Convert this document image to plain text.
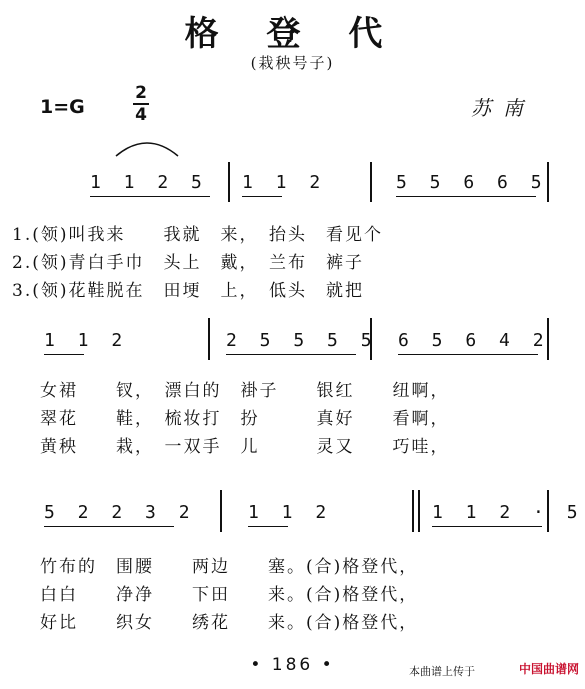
格 登 代
(栽秧号子)
1=G
2
4	苏南
1 1 2 5 1 1 2	5 5 6 6 5
1.(领)叫我来　　我就　来，　抬头　看见个
2.(领)青白手巾　头上　戴，　兰布　裤子
3.(领)花鞋脱在　田埂　上，　低头　就把
1 1 2	2 5 5 5 5 6 5 6 4 2
女裙　　钗，　漂白的　褂子　　银红　　纽啊，
翠花　　鞋，　梳妆打　扮　　　真好　　看啊，
黄秧　　栽，　一双手　儿　　　灵又　　巧哇，
5 2 2 3 2	1 1 2	1 1 2 · 5
竹布的　围腰　　两边　　塞。(合)格登代，
白白　　净净　　下田　　来。(合)格登代，
好比　　织女　　绣花　　来。(合)格登代，
• 186 •	本曲谱上传于	中国曲谱网
